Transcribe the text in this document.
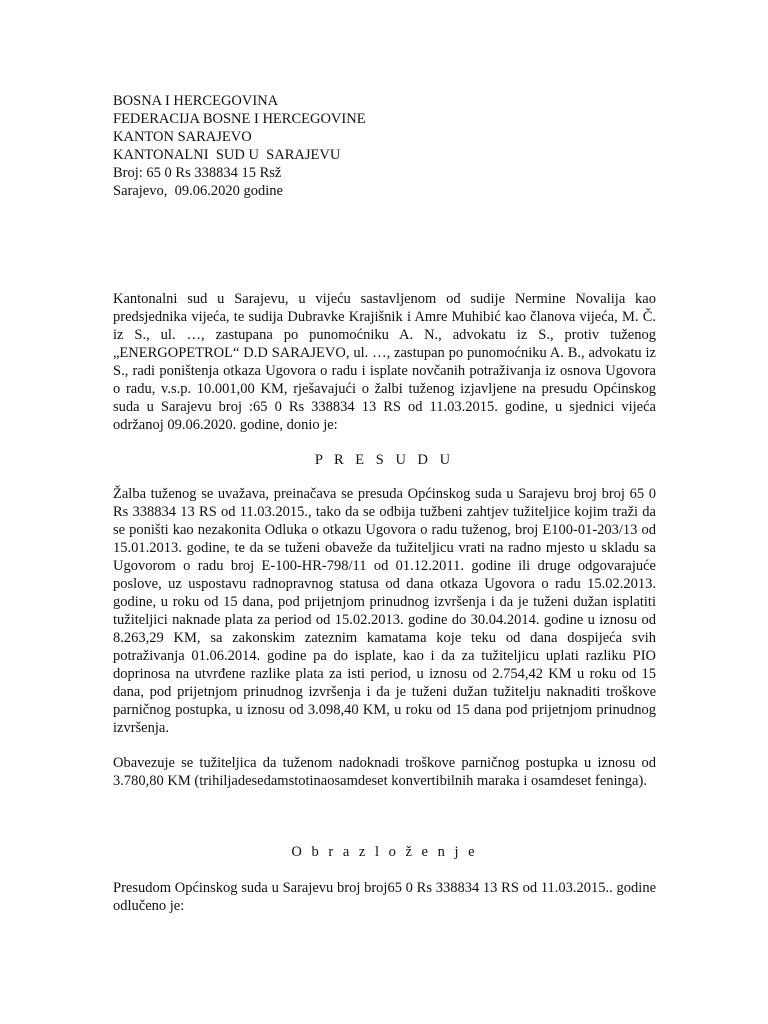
BOSNA I HERCEGOVINA
FEDERACIJA BOSNE I HERCEGOVINE
KANTON SARAJEVO
KANTONALNI  SUD U  SARAJEVU
Broj: 65 0 Rs 338834 15 Rsž
Sarajevo,  09.06.2020 godine
Kantonalni sud u Sarajevu, u vijeću sastavljenom od sudije Nermine Novalija kao predsjednika vijeća, te sudija Dubravke Krajišnik i Amre Muhibić kao članova vijeća, M. Č. iz S., ul. …, zastupana po punomoćniku A. N., advokatu iz S., protiv tuženog „ENERGOPETROL“ D.D SARAJEVO, ul. …, zastupan po punomoćniku A. B., advokatu iz S., radi poništenja otkaza Ugovora o radu i isplate novčanih potraživanja iz osnova Ugovora o radu, v.s.p. 10.001,00 KM, rješavajući o žalbi tuženog izjavljene na presudu Općinskog suda u Sarajevu broj :65 0 Rs 338834 13 RS od 11.03.2015. godine, u sjednici vijeća održanoj 09.06.2020. godine, donio je:
P R E S U D U
Žalba tuženog se uvažava, preinačava se presuda Općinskog suda u Sarajevu broj broj 65 0 Rs 338834 13 RS od 11.03.2015., tako da se odbija tužbeni zahtjev tužiteljice kojim traži da se poništi kao nezakonita Odluka o otkazu Ugovora o radu tuženog, broj E100-01-203/13 od 15.01.2013. godine, te da se tuženi obaveže da tužiteljicu vrati na radno mjesto u skladu sa Ugovorom o radu broj E-100-HR-798/11 od 01.12.2011. godine ili druge odgovarajuće poslove, uz uspostavu radnopravnog statusa od dana otkaza Ugovora o radu 15.02.2013. godine, u roku od 15 dana, pod prijetnjom prinudnog izvršenja i da je tuženi dužan isplatiti tužiteljici naknade plata za period od 15.02.2013. godine do 30.04.2014. godine u iznosu od 8.263,29 KM, sa zakonskim zateznim kamatama koje teku od dana dospijeća svih potraživanja 01.06.2014. godine pa do isplate, kao i da za tužiteljicu uplati razliku PIO doprinosa na utvrđene razlike plata za isti period, u iznosu od 2.754,42 KM u roku od 15 dana, pod prijetnjom prinudnog izvršenja i da je tuženi dužan tužitelju naknaditi troškove parničnog postupka, u iznosu od 3.098,40 KM, u roku od 15 dana pod prijetnjom prinudnog izvršenja.
Obavezuje se tužiteljica da tuženom nadoknadi troškove parničnog postupka u iznosu od 3.780,80 KM (trihiljadesedamstotinaosamdeset konvertibilnih maraka i osamdeset feninga).
O b r a z l o ž e n j e
Presudom Općinskog suda u Sarajevu broj broj65 0 Rs 338834 13 RS od 11.03.2015.. godine odlučeno je:
